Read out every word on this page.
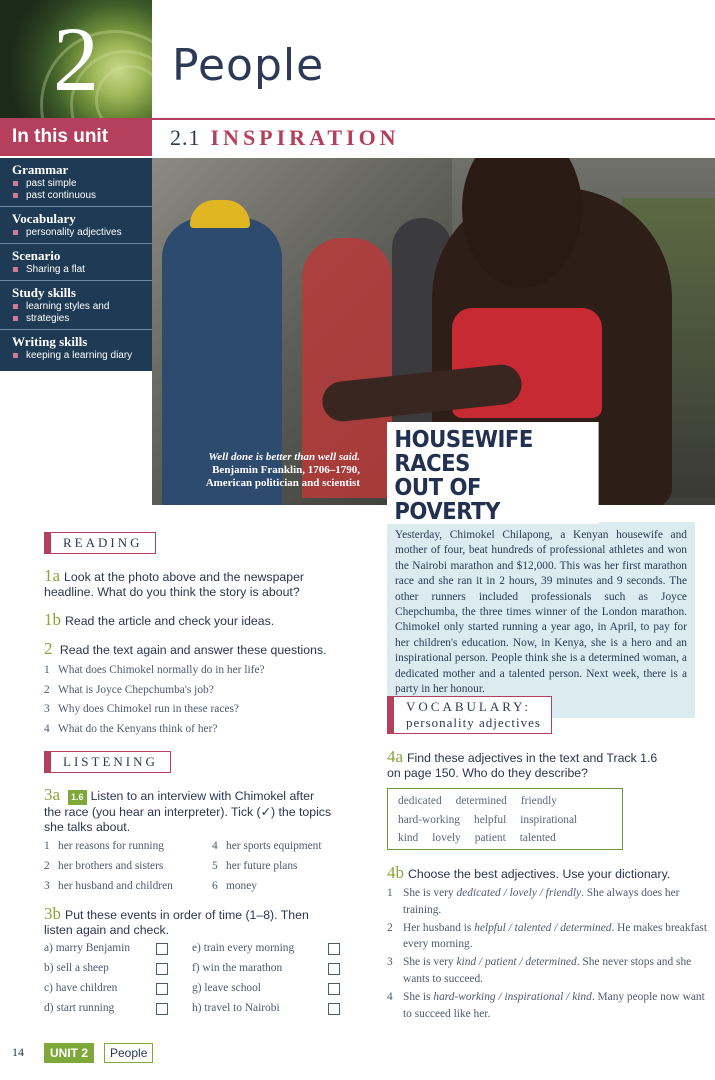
2	People
In this unit	2.1 INSPIRATION
Grammar
past simple
past continuous
Vocabulary
personality adjectives
Scenario
Sharing a flat
Study skills
learning styles and
strategies
Writing skills
keeping a learning diary
Well done is better than well said.
Benjamin Franklin, 1706–1790,
American politician and scientist
HOUSEWIFE RACES
OUT OF POVERTY

Yesterday, Chimokel Chilapong, a Kenyan housewife and mother of four, beat hundreds of professional athletes and won the Nairobi marathon and $12,000. This was her first marathon race and she ran it in 2 hours, 39 minutes and 9 seconds. The other runners included professionals such as Joyce Chepchumba, the three times winner of the London marathon. Chimokel only started running a year ago, in April, to pay for her children's education. Now, in Kenya, she is a hero and an inspirational person. People think she is a determined woman, a dedicated mother and a talented person. Next week, there is a party in her honour.

READING
1a Look at the photo above and the newspaper
headline. What do you think the story is about?
1b Read the article and check your ideas.
2 Read the text again and answer these questions.
1 What does Chimokel normally do in her life?
2 What is Joyce Chepchumba's job?
3 Why does Chimokel run in these races?
4 What do the Kenyans think of her?
LISTENING
3a 1.6 Listen to an interview with Chimokel after
the race (you hear an interpreter). Tick (✓) the topics
she talks about.
1 her reasons for running
2 her brothers and sisters
3 her husband and children
4 her sports equipment
5 her future plans
6 money
3b Put these events in order of time (1–8). Then
listen again and check.
a) marry Benjamin
b) sell a sheep
c) have children
d) start running
e) train every morning
f) win the marathon
g) leave school
h) travel to Nairobi
VOCABULARY:
personality adjectives
4a Find these adjectives in the text and Track 1.6
on page 150. Who do they describe?
dedicated determined friendly
hard-working helpful inspirational
kind lovely patient talented
4b Choose the best adjectives. Use your dictionary.
1 She is very dedicated / lovely / friendly. She always does her training.
2 Her husband is helpful / talented / determined. He makes breakfast every morning.
3 She is very kind / patient / determined. She never stops and she wants to succeed.
4 She is hard-working / inspirational / kind. Many people now want to succeed like her.
14	UNIT 2	People
